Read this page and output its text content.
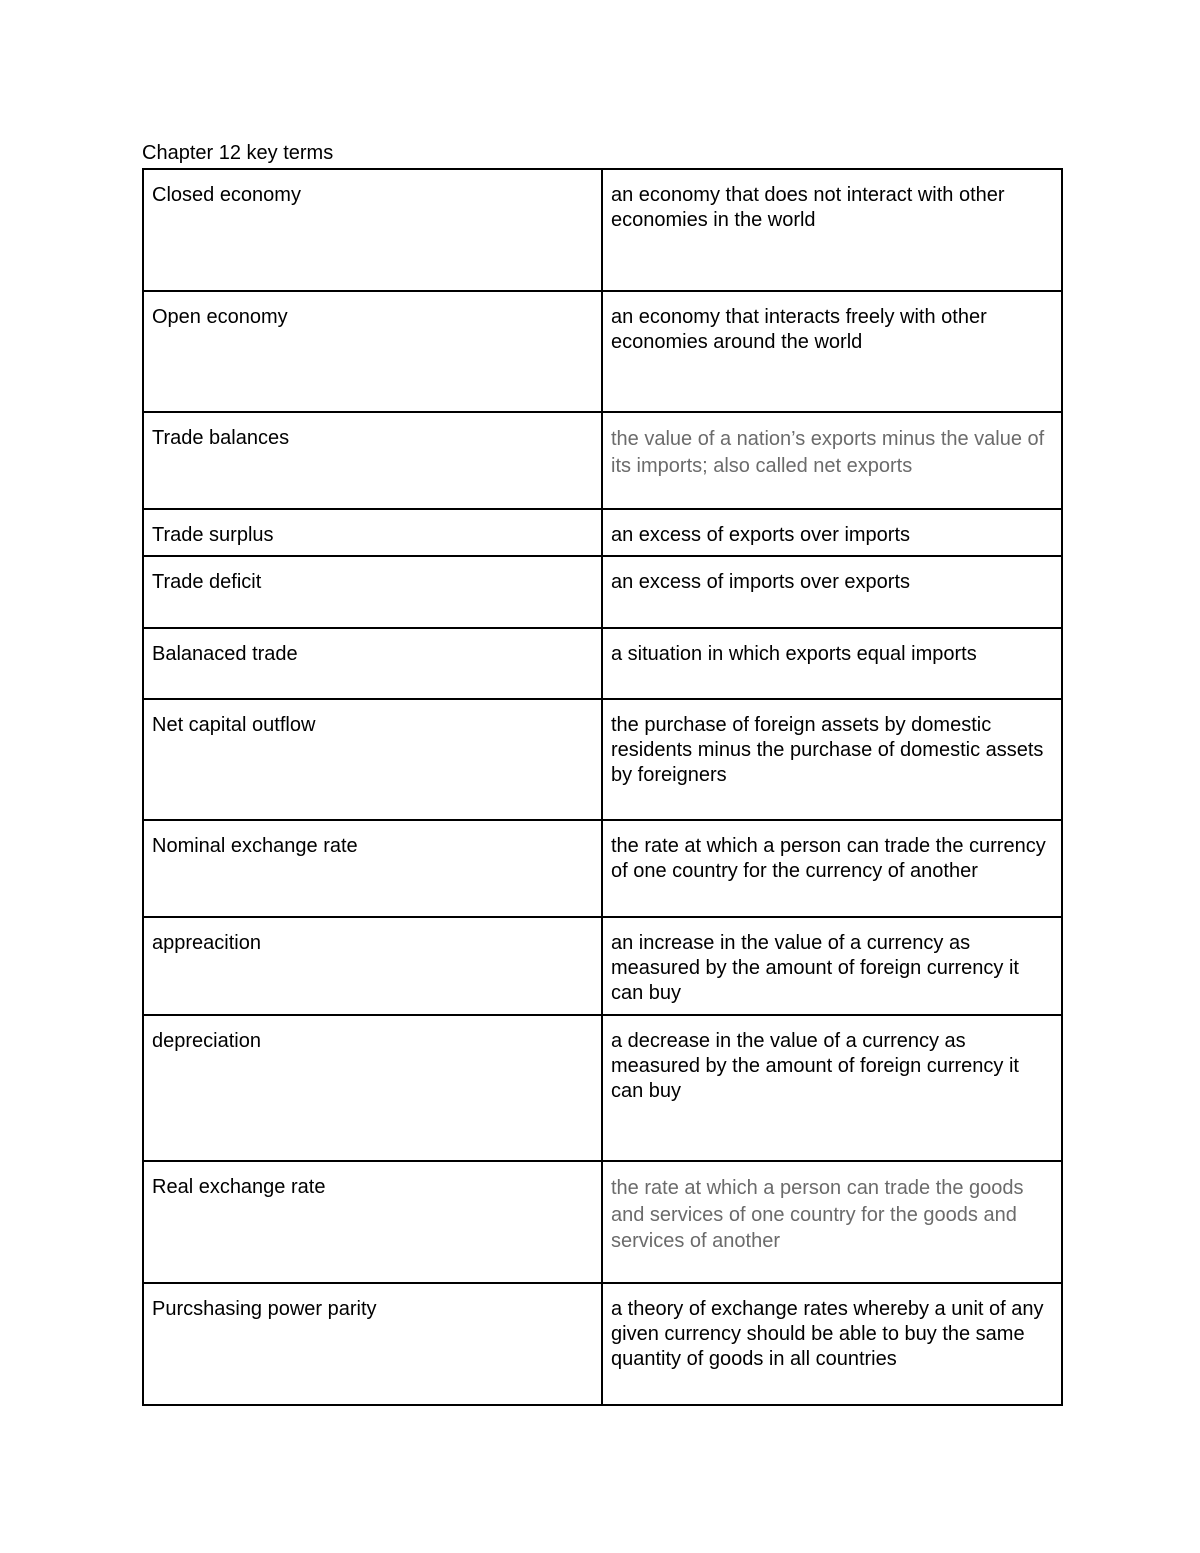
Chapter 12 key terms
Closed economy	an economy that does not interact with other economies in the world
Open economy	an economy that interacts freely with other economies around the world
Trade balances	the value of a nation’s exports minus the value of its imports; also called net exports
Trade surplus	an excess of exports over imports
Trade deficit	an excess of imports over exports
Balanaced trade	a situation in which exports equal imports
Net capital outflow	the purchase of foreign assets by domestic residents minus the purchase of domestic assets by foreigners
Nominal exchange rate	the rate at which a person can trade the currency of one country for the currency of another
appreacition	an increase in the value of a currency as measured by the amount of foreign currency it can buy
depreciation	a decrease in the value of a currency as measured by the amount of foreign currency it can buy
Real exchange rate	the rate at which a person can trade the goods and services of one country for the goods and services of another
Purcshasing power parity	a theory of exchange rates whereby a unit of any given currency should be able to buy the same quantity of goods in all countries
